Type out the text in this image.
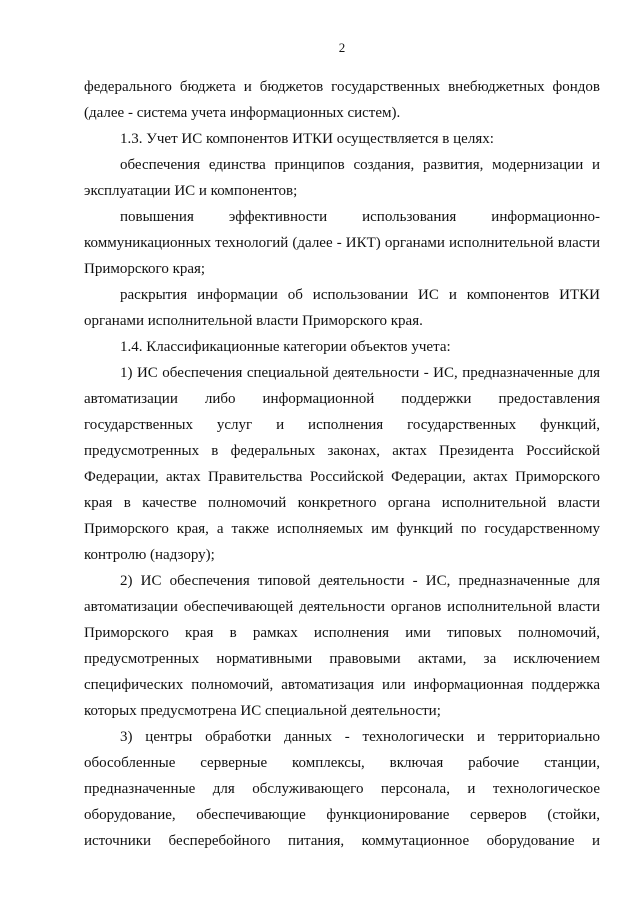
2

федерального бюджета и бюджетов государственных внебюджетных фондов (далее - система учета информационных систем).

1.3. Учет ИС компонентов ИТКИ осуществляется в целях:

обеспечения единства принципов создания, развития, модернизации и эксплуатации ИС и компонентов;

повышения эффективности использования информационно-коммуникационных технологий (далее - ИКТ) органами исполнительной власти Приморского края;

раскрытия информации об использовании ИС и компонентов ИТКИ органами исполнительной власти Приморского края.

1.4. Классификационные категории объектов учета:

1) ИС обеспечения специальной деятельности - ИС, предназначенные для автоматизации либо информационной поддержки предоставления государственных услуг и исполнения государственных функций, предусмотренных в федеральных законах, актах Президента Российской Федерации, актах Правительства Российской Федерации, актах Приморского края в качестве полномочий конкретного органа исполнительной власти Приморского края, а также исполняемых им функций по государственному контролю (надзору);

2) ИС обеспечения типовой деятельности - ИС, предназначенные для автоматизации обеспечивающей деятельности органов исполнительной власти Приморского края в рамках исполнения ими типовых полномочий, предусмотренных нормативными правовыми актами, за исключением специфических полномочий, автоматизация или информационная поддержка которых предусмотрена ИС специальной деятельности;

3) центры обработки данных - технологически и территориально обособленные серверные комплексы, включая рабочие станции, предназначенные для обслуживающего персонала, и технологическое оборудование, обеспечивающие функционирование серверов (стойки, источники бесперебойного питания, коммутационное оборудование и
